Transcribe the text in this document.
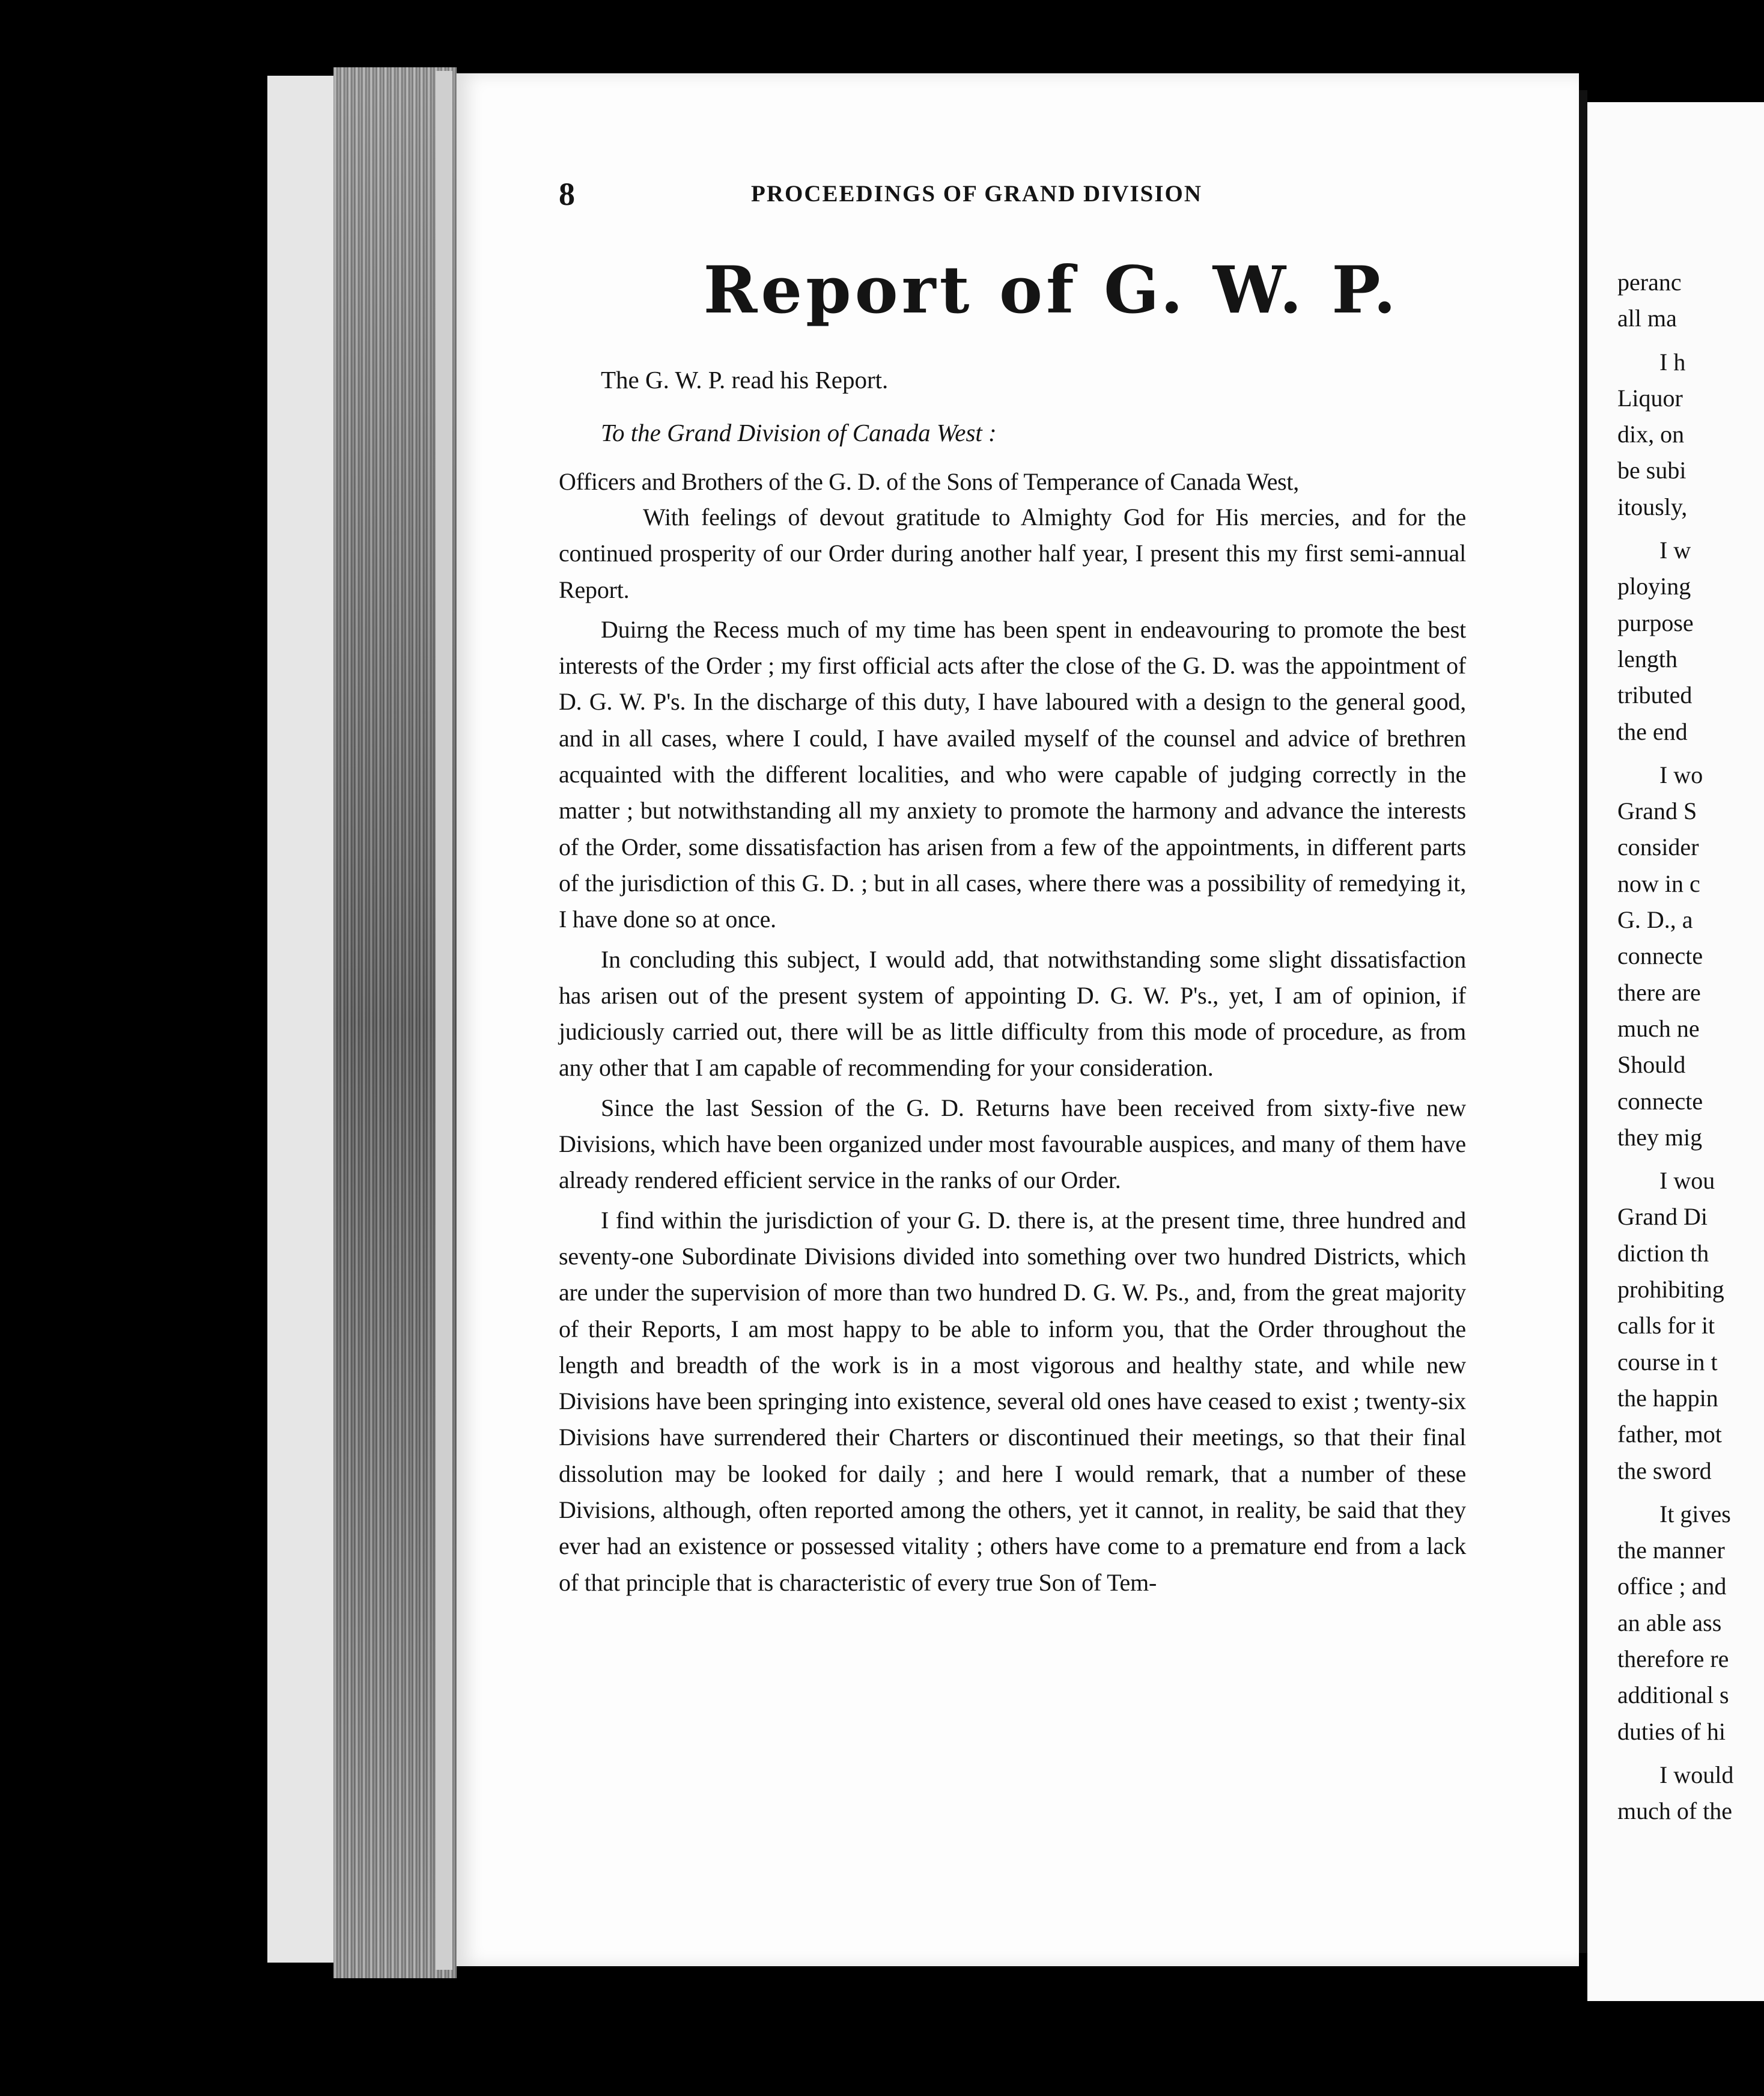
8	PROCEEDINGS OF GRAND DIVISION
Report of G. W. P.
The G. W. P. read his Report.
To the Grand Division of Canada West :
Officers and Brothers of the G. D. of the Sons of Temperance of Canada West,

With feelings of devout gratitude to Almighty God for His mercies, and for the continued prosperity of our Order during another half year, I present this my first semi-annual Report.

Duirng the Recess much of my time has been spent in endeavouring to promote the best interests of the Order ; my first official acts after the close of the G. D. was the appointment of D. G. W. P's. In the discharge of this duty, I have laboured with a design to the general good, and in all cases, where I could, I have availed myself of the counsel and advice of brethren acquainted with the different localities, and who were capable of judging correctly in the matter ; but notwithstanding all my anxiety to promote the harmony and advance the interests of the Order, some dissatisfaction has arisen from a few of the appointments, in different parts of the jurisdiction of this G. D. ; but in all cases, where there was a possibility of remedying it, I have done so at once.

In concluding this subject, I would add, that notwithstanding some slight dissatisfaction has arisen out of the present system of appointing D. G. W. P's., yet, I am of opinion, if judiciously carried out, there will be as little difficulty from this mode of procedure, as from any other that I am capable of recommending for your consideration.

Since the last Session of the G. D. Returns have been received from sixty-five new Divisions, which have been organized under most favourable auspices, and many of them have already rendered efficient service in the ranks of our Order.

I find within the jurisdiction of your G. D. there is, at the present time, three hundred and seventy-one Subordinate Divisions divided into something over two hundred Districts, which are under the supervision of more than two hundred D. G. W. Ps., and, from the great majority of their Reports, I am most happy to be able to inform you, that the Order throughout the length and breadth of the work is in a most vigorous and healthy state, and while new Divisions have been springing into existence, several old ones have ceased to exist ; twenty-six Divisions have surrendered their Charters or discontinued their meetings, so that their final dissolution may be looked for daily ; and here I would remark, that a number of these Divisions, although, often reported among the others, yet it cannot, in reality, be said that they ever had an existence or possessed vitality ; others have come to a premature end from a lack of that principle that is characteristic of every true Son of Tem-

peranc
all ma
I h
Liquor
dix, on
be subi
itously,
I w
ploying
purpose
length
tributed
the end
I wo
Grand S
consider
now in c
G. D., a
connecte
there are
much ne
Should
connecte
they mig
I wou
Grand Di
diction th
prohibiting
calls for it
course in t
the happin
father, mot
the sword
It gives
the manner
office ; and
an able ass
therefore re
additional s
duties of hi
I would
much of the
